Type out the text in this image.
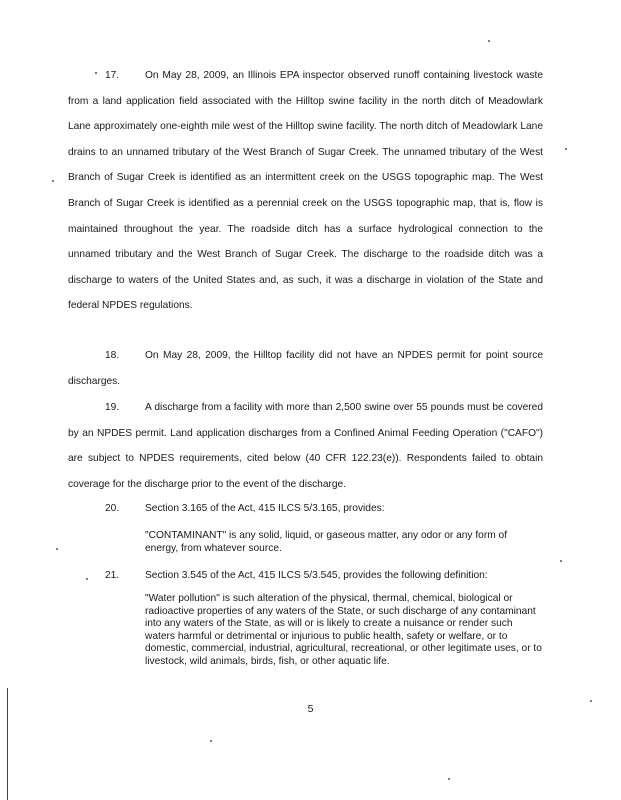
17.	On May 28, 2009, an Illinois EPA inspector observed runoff containing livestock waste from a land application field associated with the Hilltop swine facility in the north ditch of Meadowlark Lane approximately one-eighth mile west of the Hilltop swine facility. The north ditch of Meadowlark Lane drains to an unnamed tributary of the West Branch of Sugar Creek. The unnamed tributary of the West Branch of Sugar Creek is identified as an intermittent creek on the USGS topographic map. The West Branch of Sugar Creek is identified as a perennial creek on the USGS topographic map, that is, flow is maintained throughout the year. The roadside ditch has a surface hydrological connection to the unnamed tributary and the West Branch of Sugar Creek. The discharge to the roadside ditch was a discharge to waters of the United States and, as such, it was a discharge in violation of the State and federal NPDES regulations.

18.	On May 28, 2009, the Hilltop facility did not have an NPDES permit for point source discharges.

19.	A discharge from a facility with more than 2,500 swine over 55 pounds must be covered by an NPDES permit. Land application discharges from a Confined Animal Feeding Operation ("CAFO") are subject to NPDES requirements, cited below (40 CFR 122.23(e)). Respondents failed to obtain coverage for the discharge prior to the event of the discharge.

20.	Section 3.165 of the Act, 415 ILCS 5/3.165, provides:

"CONTAMINANT" is any solid, liquid, or gaseous matter, any odor or any form of energy, from whatever source.

21.	Section 3.545 of the Act, 415 ILCS 5/3.545, provides the following definition:

"Water pollution" is such alteration of the physical, thermal, chemical, biological or radioactive properties of any waters of the State, or such discharge of any contaminant into any waters of the State, as will or is likely to create a nuisance or render such waters harmful or detrimental or injurious to public health, safety or welfare, or to domestic, commercial, industrial, agricultural, recreational, or other legitimate uses, or to livestock, wild animals, birds, fish, or other aquatic life.

5
